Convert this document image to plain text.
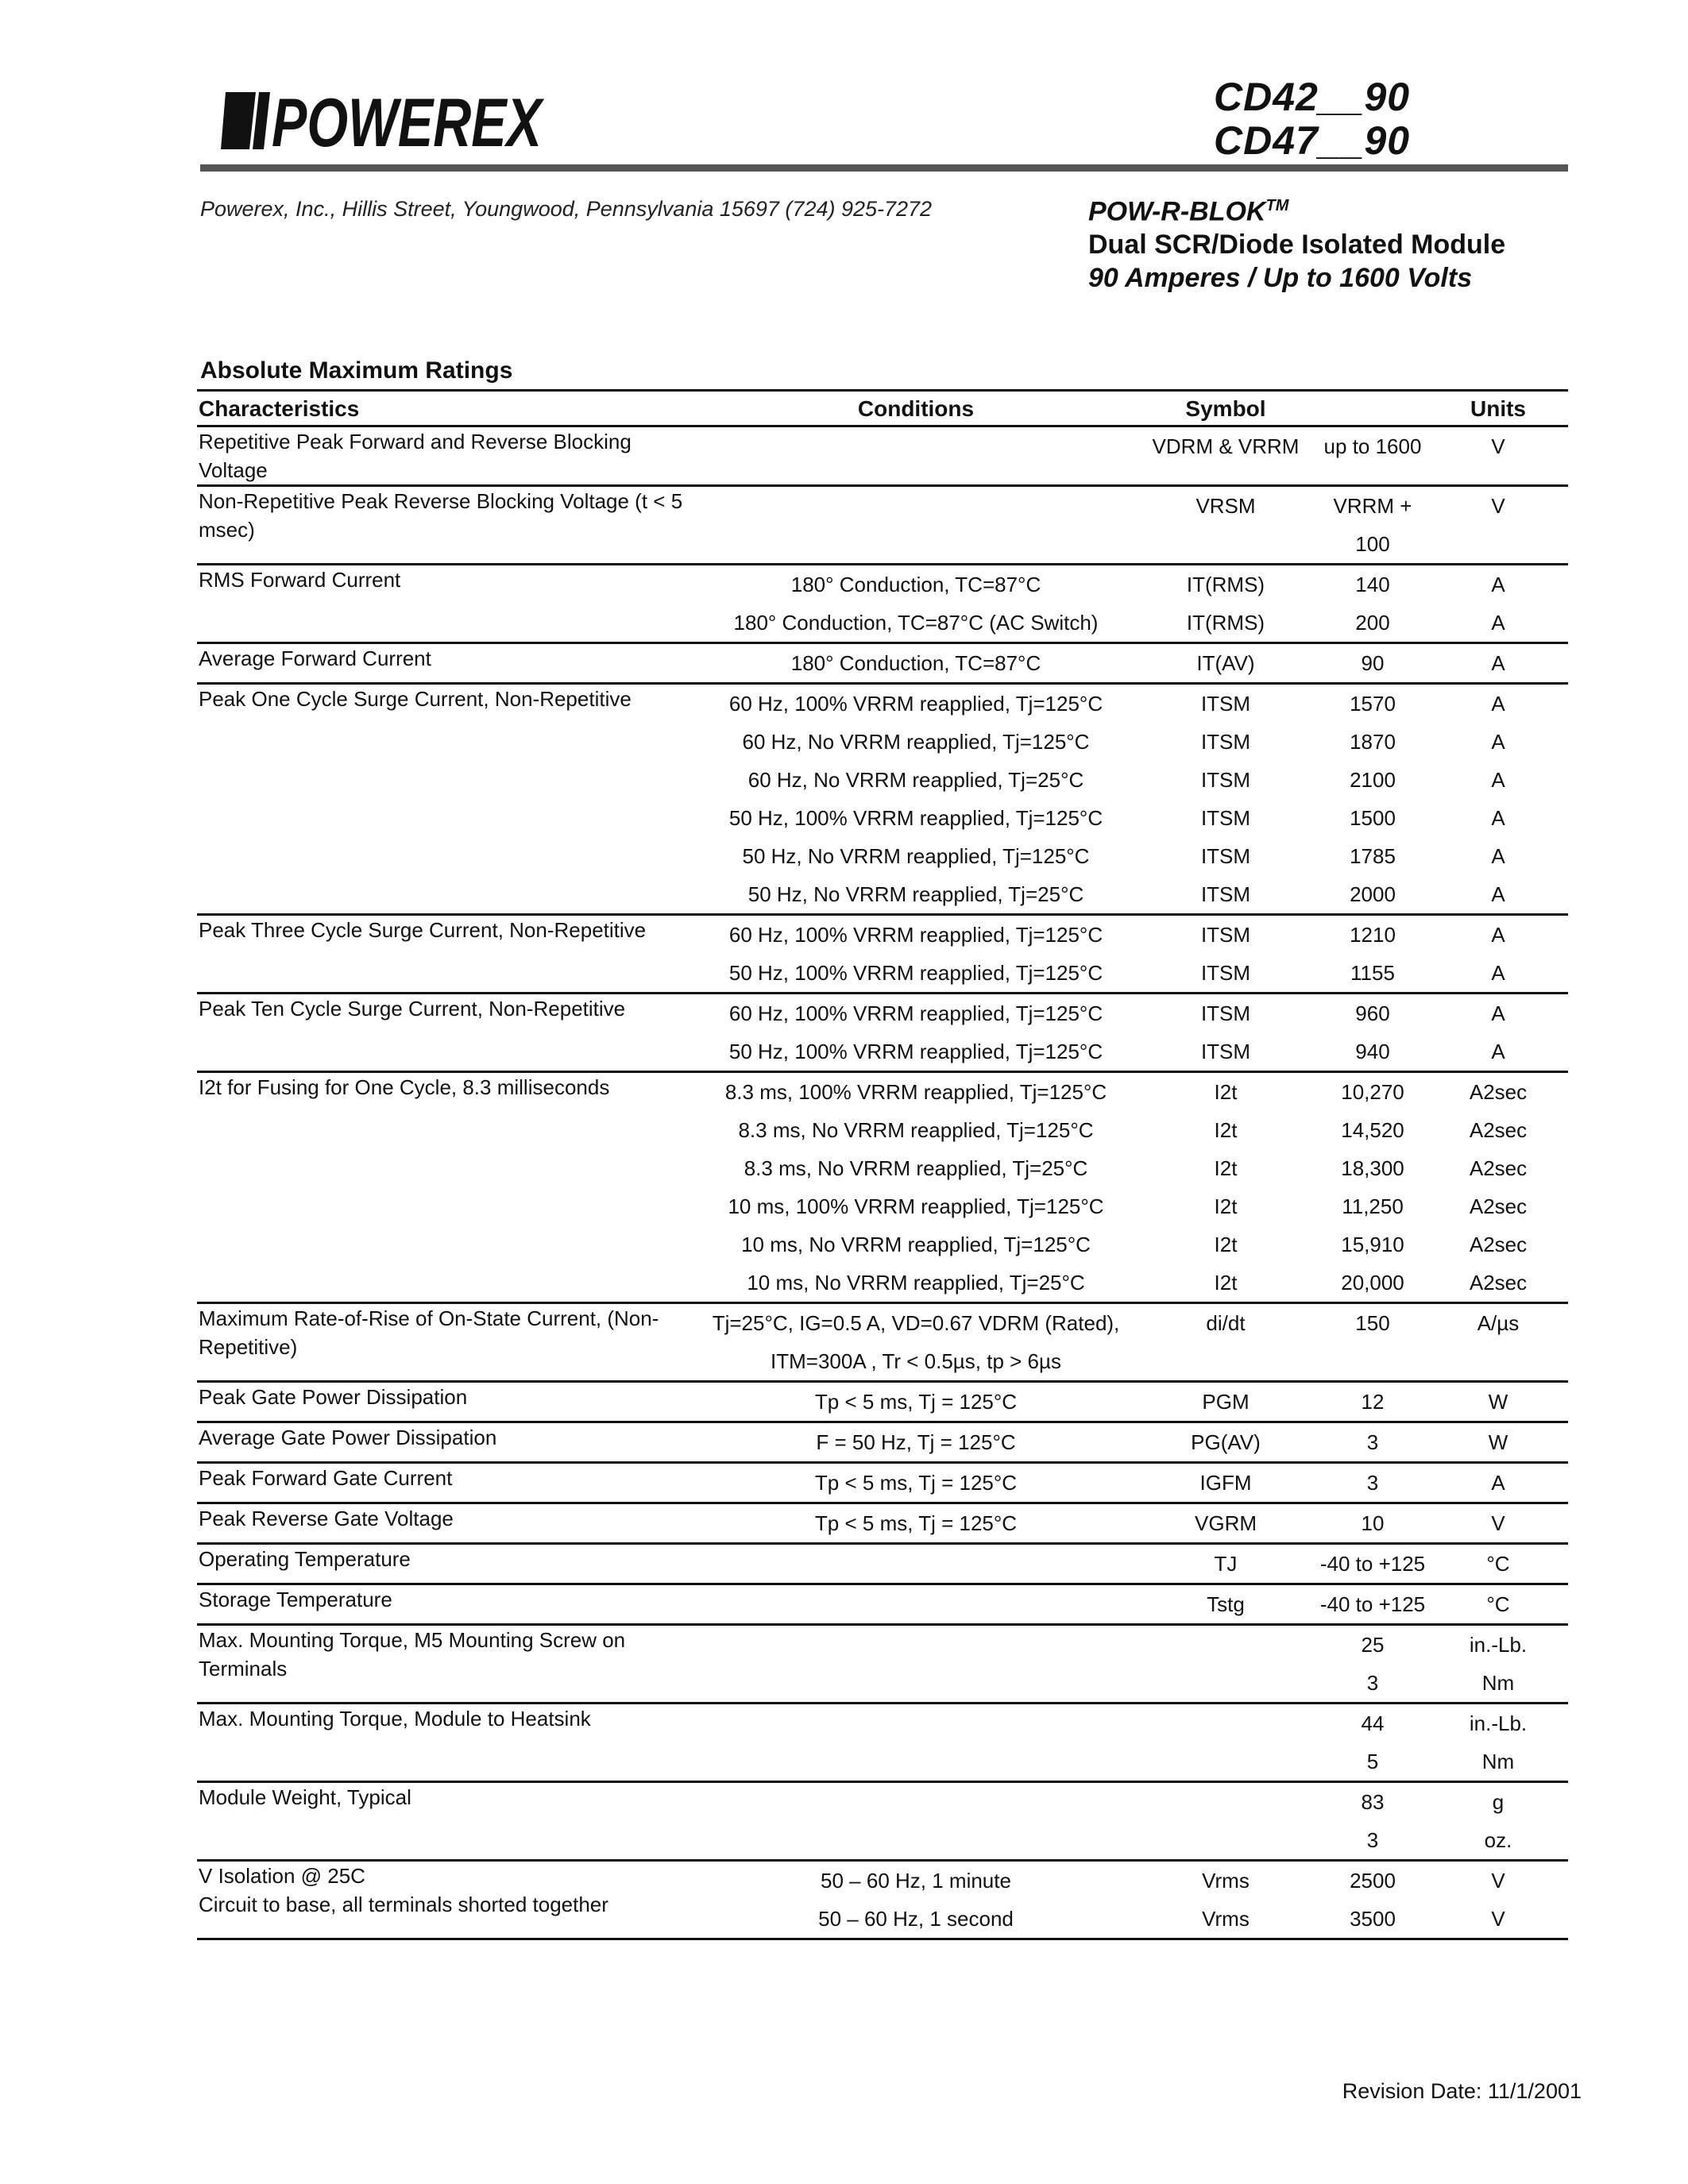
POWEREX	CD42__90
CD47__90
Powerex, Inc., Hillis Street, Youngwood, Pennsylvania 15697 (724) 925-7272	POW-R-BLOK™
Dual SCR/Diode Isolated Module
90 Amperes / Up to 1600 Volts
Absolute Maximum Ratings
Characteristics	Conditions	Symbol		Units

Repetitive Peak Forward and Reverse Blocking Voltage		VDRM & VRRM	up to 1600	V

Non-Repetitive Peak Reverse Blocking Voltage (t < 5 msec)		VRSM	VRRM + 100	V

RMS Forward Current	180° Conduction, TC=87°C	IT(RMS)	140	A
	180° Conduction, TC=87°C (AC Switch)	IT(RMS)	200	A

Average Forward Current	180° Conduction, TC=87°C	IT(AV)	90	A

Peak One Cycle Surge Current, Non-Repetitive	60 Hz, 100% VRRM reapplied, Tj=125°C	ITSM	1570	A
	60 Hz, No VRRM reapplied, Tj=125°C	ITSM	1870	A
	60 Hz, No VRRM reapplied, Tj=25°C	ITSM	2100	A
	50 Hz, 100% VRRM reapplied, Tj=125°C	ITSM	1500	A
	50 Hz, No VRRM reapplied, Tj=125°C	ITSM	1785	A
	50 Hz, No VRRM reapplied, Tj=25°C	ITSM	2000	A

Peak Three Cycle Surge Current, Non-Repetitive	60 Hz, 100% VRRM reapplied, Tj=125°C	ITSM	1210	A
	50 Hz, 100% VRRM reapplied, Tj=125°C	ITSM	1155	A

Peak Ten Cycle Surge Current, Non-Repetitive	60 Hz, 100% VRRM reapplied, Tj=125°C	ITSM	960	A
	50 Hz, 100% VRRM reapplied, Tj=125°C	ITSM	940	A

I2t for Fusing for One Cycle, 8.3 milliseconds	8.3 ms, 100% VRRM reapplied, Tj=125°C	I2t	10,270	A2sec
	8.3 ms, No VRRM reapplied, Tj=125°C	I2t	14,520	A2sec
	8.3 ms, No VRRM reapplied, Tj=25°C	I2t	18,300	A2sec
	10 ms, 100% VRRM reapplied, Tj=125°C	I2t	11,250	A2sec
	10 ms, No VRRM reapplied, Tj=125°C	I2t	15,910	A2sec
	10 ms, No VRRM reapplied, Tj=25°C	I2t	20,000	A2sec

Maximum Rate-of-Rise of On-State Current, (Non-Repetitive)	Tj=25°C, IG=0.5 A, VD=0.67 VDRM (Rated), ITM=300A , Tr < 0.5µs, tp > 6µs	di/dt	150	A/µs

Peak Gate Power Dissipation	Tp < 5 ms, Tj = 125°C	PGM	12	W

Average Gate Power Dissipation	F = 50 Hz, Tj = 125°C	PG(AV)	3	W

Peak Forward Gate Current	Tp < 5 ms, Tj = 125°C	IGFM	3	A

Peak Reverse Gate Voltage	Tp < 5 ms, Tj = 125°C	VGRM	10	V

Operating Temperature		TJ	-40 to +125	°C

Storage Temperature		Tstg	-40 to +125	°C

Max. Mounting Torque, M5 Mounting Screw on Terminals			25	in.-Lb.
			3	Nm

Max. Mounting Torque, Module to Heatsink			44	in.-Lb.
			5	Nm

Module Weight, Typical			83	g
			3	oz.

V Isolation @ 25C
Circuit to base, all terminals shorted together	50 – 60 Hz, 1 minute	Vrms	2500	V
	50 – 60 Hz, 1 second	Vrms	3500	V
Revision Date: 11/1/2001
